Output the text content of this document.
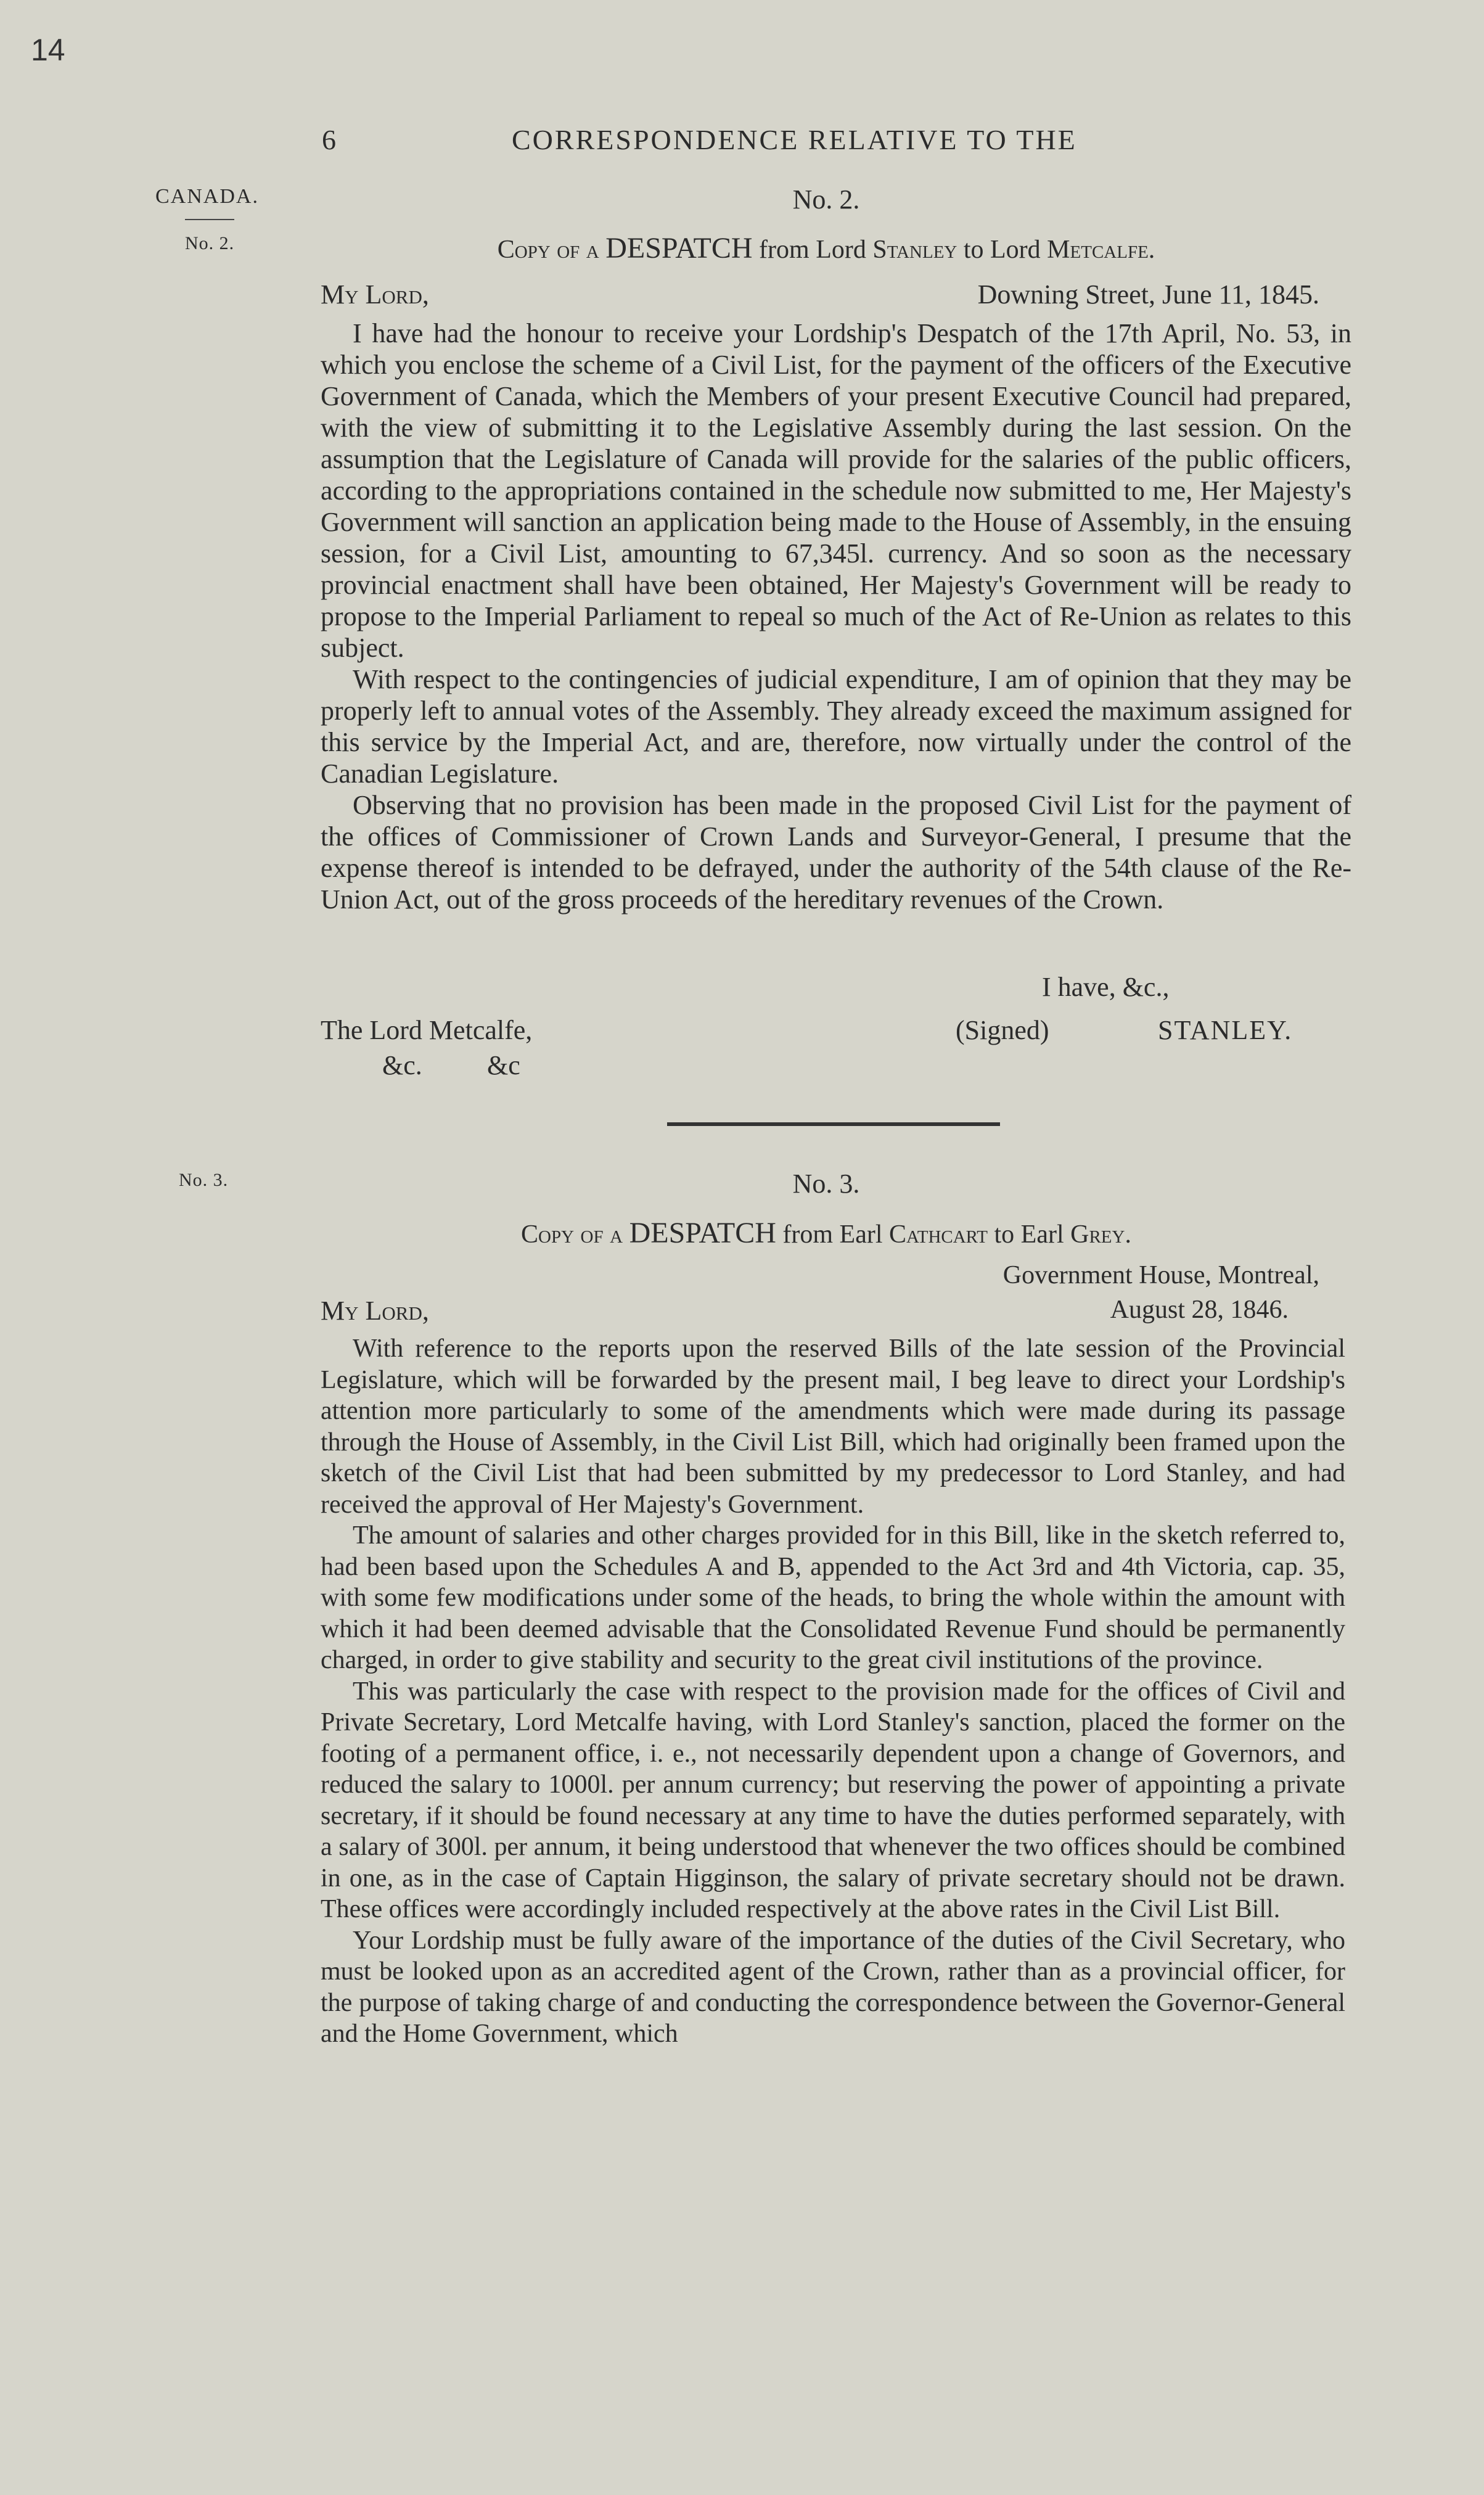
14
6	CORRESPONDENCE RELATIVE TO THE
CANADA.
No. 2.
No. 2.
Copy of a DESPATCH from Lord Stanley to Lord Metcalfe.
My Lord,	Downing Street, June 11, 1845.

I have had the honour to receive your Lordship's Despatch of the 17th April, No. 53, in which you enclose the scheme of a Civil List, for the payment of the officers of the Executive Government of Canada, which the Members of your present Executive Council had prepared, with the view of submitting it to the Legislative Assembly during the last session. On the assumption that the Legislature of Canada will provide for the salaries of the public officers, according to the appropriations contained in the schedule now submitted to me, Her Majesty's Government will sanction an application being made to the House of Assembly, in the ensuing session, for a Civil List, amounting to 67,345l. currency. And so soon as the necessary provincial enactment shall have been obtained, Her Majesty's Government will be ready to propose to the Imperial Parliament to repeal so much of the Act of Re-Union as relates to this subject.

With respect to the contingencies of judicial expenditure, I am of opinion that they may be properly left to annual votes of the Assembly. They already exceed the maximum assigned for this service by the Imperial Act, and are, therefore, now virtually under the control of the Canadian Legislature.

Observing that no provision has been made in the proposed Civil List for the payment of the offices of Commissioner of Crown Lands and Surveyor-General, I presume that the expense thereof is intended to be defrayed, under the authority of the 54th clause of the Re-Union Act, out of the gross proceeds of the hereditary revenues of the Crown.

I have, &c.,
The Lord Metcalfe,	(Signed)	STANLEY.
&c. &c
No. 3.	No. 3.
Copy of a DESPATCH from Earl Cathcart to Earl Grey.
Government House, Montreal,
My Lord,	August 28, 1846.

With reference to the reports upon the reserved Bills of the late session of the Provincial Legislature, which will be forwarded by the present mail, I beg leave to direct your Lordship's attention more particularly to some of the amendments which were made during its passage through the House of Assembly, in the Civil List Bill, which had originally been framed upon the sketch of the Civil List that had been submitted by my predecessor to Lord Stanley, and had received the approval of Her Majesty's Government.

The amount of salaries and other charges provided for in this Bill, like in the sketch referred to, had been based upon the Schedules A and B, appended to the Act 3rd and 4th Victoria, cap. 35, with some few modifications under some of the heads, to bring the whole within the amount with which it had been deemed advisable that the Consolidated Revenue Fund should be permanently charged, in order to give stability and security to the great civil institutions of the province.

This was particularly the case with respect to the provision made for the offices of Civil and Private Secretary, Lord Metcalfe having, with Lord Stanley's sanction, placed the former on the footing of a permanent office, i. e., not necessarily dependent upon a change of Governors, and reduced the salary to 1000l. per annum currency; but reserving the power of appointing a private secretary, if it should be found necessary at any time to have the duties performed separately, with a salary of 300l. per annum, it being understood that whenever the two offices should be combined in one, as in the case of Captain Higginson, the salary of private secretary should not be drawn. These offices were accordingly included respectively at the above rates in the Civil List Bill.

Your Lordship must be fully aware of the importance of the duties of the Civil Secretary, who must be looked upon as an accredited agent of the Crown, rather than as a provincial officer, for the purpose of taking charge of and conducting the correspondence between the Governor-General and the Home Government, which
